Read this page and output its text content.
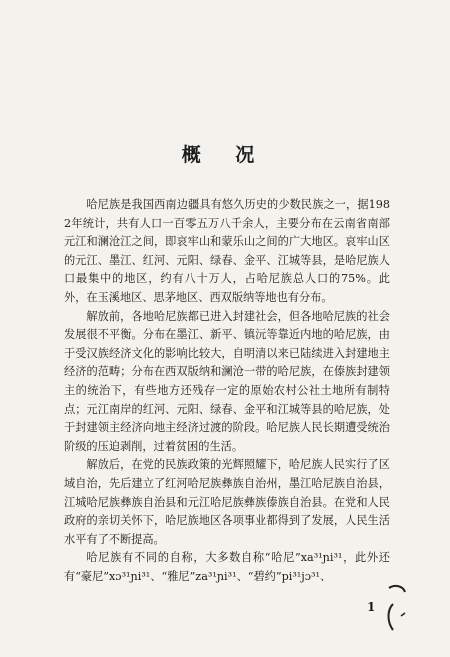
概 况

哈尼族是我国西南边疆具有悠久历史的少数民族之一，据1982年统计，共有人口一百零五万八千余人，主要分布在云南省南部元江和澜沧江之间，即哀牢山和蒙乐山之间的广大地区。哀牢山区的元江、墨江、红河、元阳、绿春、金平、江城等县，是哈尼族人口最集中的地区，约有八十万人，占哈尼族总人口的75%。此外，在玉溪地区、思茅地区、西双版纳等地也有分布。

解放前，各地哈尼族都已进入封建社会，但各地哈尼族的社会发展很不平衡。分布在墨江、新平、镇沅等靠近内地的哈尼族，由于受汉族经济文化的影响比较大，自明清以来已陆续进入封建地主经济的范畴；分布在西双版纳和澜沧一带的哈尼族，在傣族封建领主的统治下，有些地方还残存一定的原始农村公社土地所有制特点；元江南岸的红河、元阳、绿春、金平和江城等县的哈尼族，处于封建领主经济向地主经济过渡的阶段。哈尼族人民长期遭受统治阶级的压迫剥削，过着贫困的生活。

解放后，在党的民族政策的光辉照耀下，哈尼族人民实行了区域自治，先后建立了红河哈尼族彝族自治州，墨江哈尼族自治县，江城哈尼族彝族自治县和元江哈尼族彝族傣族自治县。在党和人民政府的亲切关怀下，哈尼族地区各项事业都得到了发展，人民生活水平有了不断提高。

哈尼族有不同的自称，大多数自称“哈尼”xa³¹ɲi³¹，此外还有“豪尼”xɔ³¹ɲi³¹、“雅尼”za³¹ɲi³¹、“碧约”pi³¹jɔ³¹、

1
